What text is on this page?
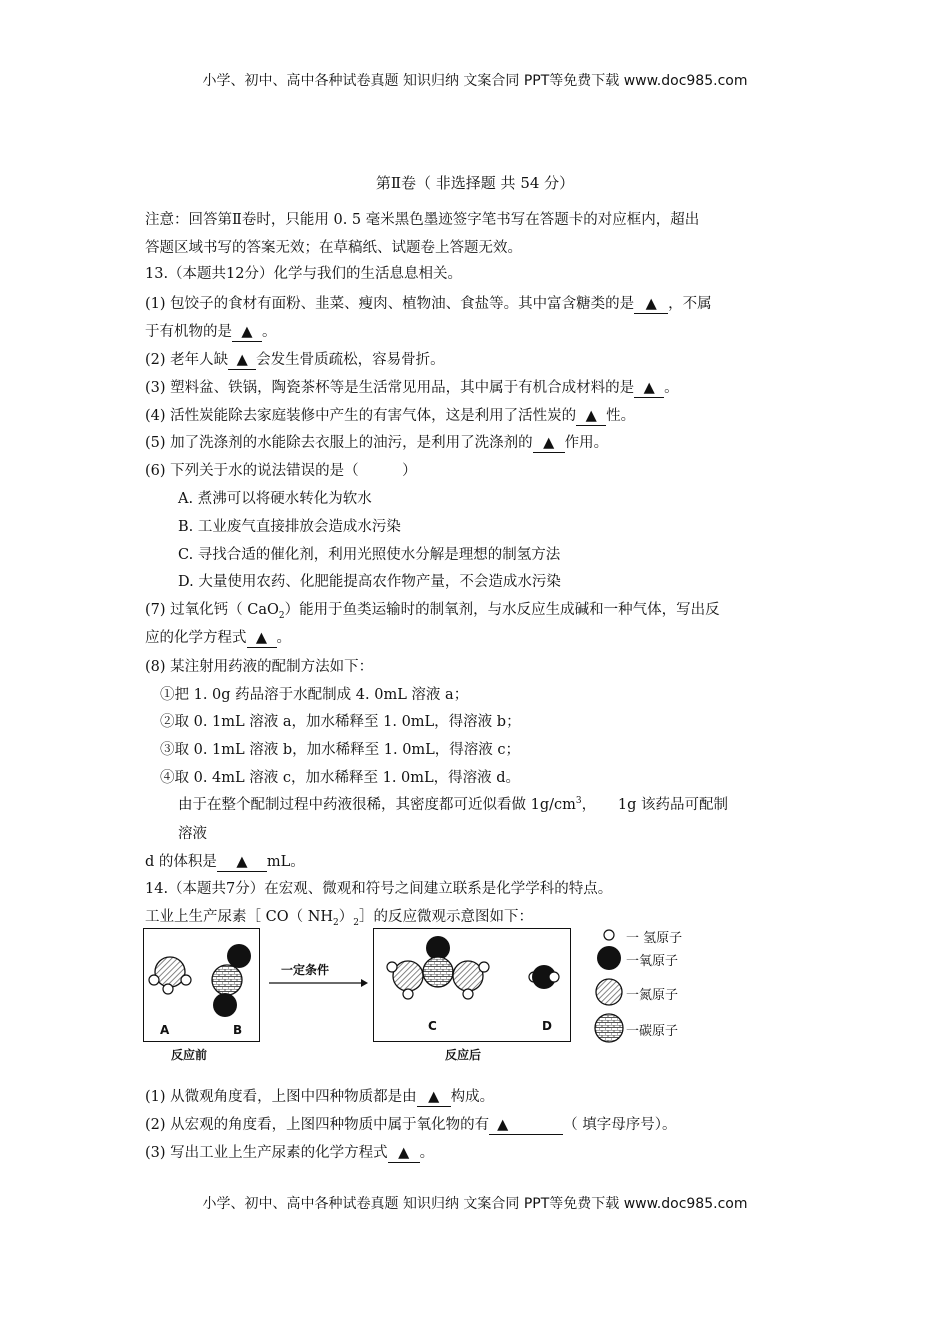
小学、初中、高中各种试卷真题 知识归纳 文案合同 PPT等免费下载 www.doc985.com
第Ⅱ卷（ 非选择题 共 54 分）
注意：回答第Ⅱ卷时，只能用 0. 5 毫米黑色墨迹签字笔书写在答题卡的对应框内，超出
答题区域书写的答案无效；在草稿纸、试题卷上答题无效。
13.（本题共12分）化学与我们的生活息息相关。
(1) 包饺子的食材有面粉、韭菜、瘦肉、植物油、食盐等。其中富含糖类的是 ▲ ，不属
于有机物的是 ▲ 。
(2) 老年人缺 ▲ 会发生骨质疏松，容易骨折。
(3) 塑料盆、铁锅，陶瓷茶杯等是生活常见用品，其中属于有机合成材料的是 ▲ 。
(4) 活性炭能除去家庭装修中产生的有害气体，这是利用了活性炭的 ▲ 性。
(5) 加了洗涤剂的水能除去衣服上的油污，是利用了洗涤剂的 ▲ 作用。
(6) 下列关于水的说法错误的是（　　　）
A. 煮沸可以将硬水转化为软水
B. 工业废气直接排放会造成水污染
C. 寻找合适的催化剂，利用光照使水分解是理想的制氢方法
D. 大量使用农药、化肥能提高农作物产量，不会造成水污染
(7) 过氧化钙（ CaO$_2$）能用于鱼类运输时的制氧剂，与水反应生成碱和一种气体，写出反
应的化学方程式 ▲ 。
(8) 某注射用药液的配制方法如下：
①把 1. 0g 药品溶于水配制成 4. 0mL 溶液 a；
②取 0. 1mL 溶液 a，加水稀释至 1. 0mL，得溶液 b；
③取 0. 1mL 溶液 b，加水稀释至 1. 0mL，得溶液 c；
④取 0. 4mL 溶液 c，加水稀释至 1. 0mL，得溶液 d。
由于在整个配制过程中药液很稀，其密度都可近似看做 $1g/cm^3$，　　1g 该药品可配制
溶液
d 的体积是 ▲ mL。
14.（本题共7分）在宏观、微观和符号之间建立联系是化学学科的特点。
工业上生产尿素［ CO（ $NH_2)_2]$的反应微观示意图如下：
A	B
反应前
一定条件
C	D
反应后
一 氢原子
一氧原子
一氮原子
一碳原子
(1) 从微观角度看，上图中四种物质都是由 ▲ 构成。
(2) 从宏观的角度看，上图四种物质中属于氧化物的有 ▲	（ 填字母序号）。
(3) 写出工业上生产尿素的化学方程式 ▲ 。
小学、初中、高中各种试卷真题 知识归纳 文案合同 PPT等免费下载 www.doc985.com
